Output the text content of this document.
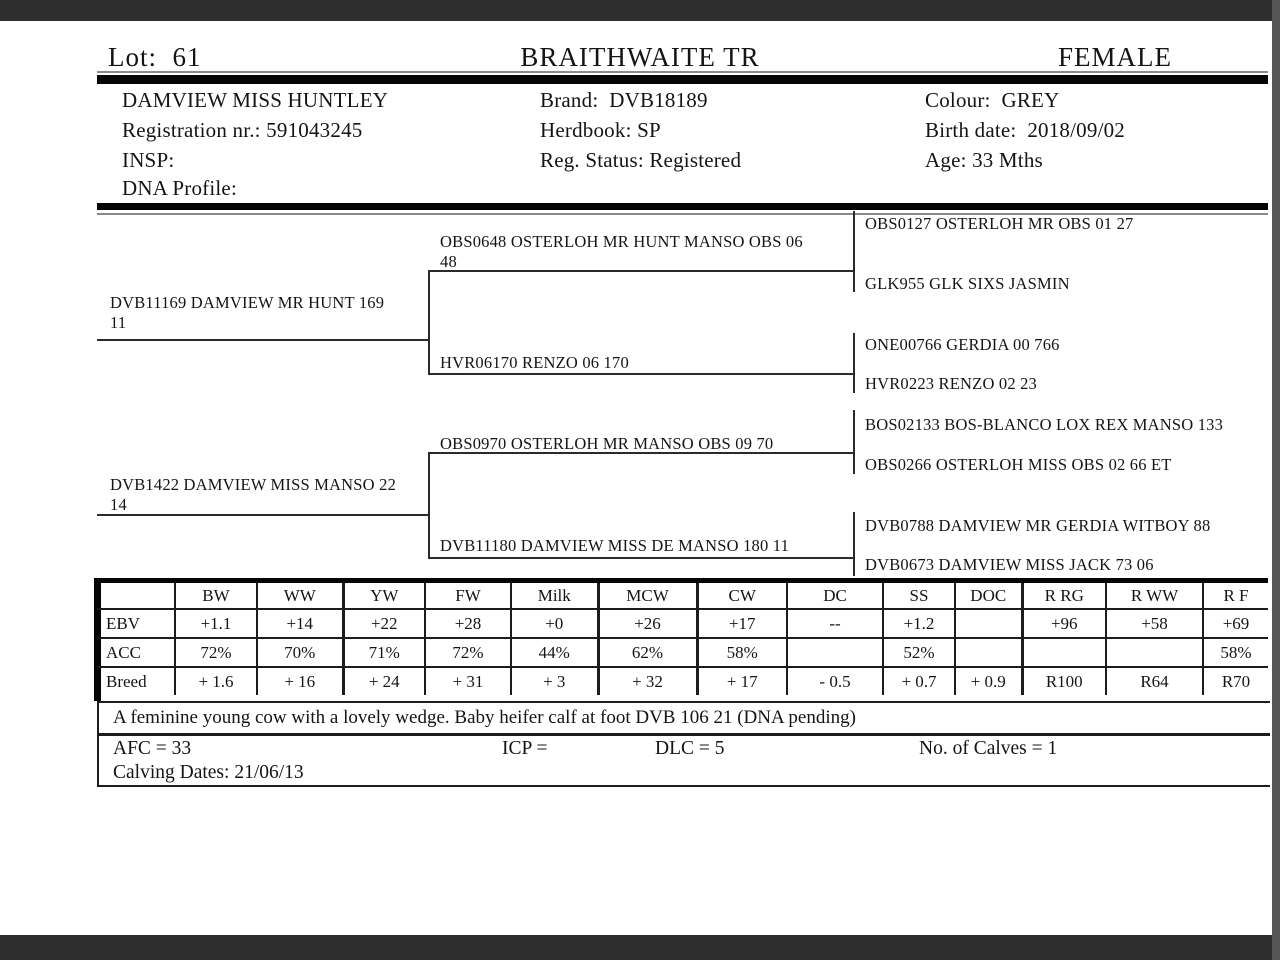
Lot:  61	BRAITHWAITE TR	FEMALE
DAMVIEW MISS HUNTLEY
Registration nr.: 591043245
INSP:
DNA Profile:
Brand:  DVB18189
Herdbook: SP
Reg. Status: Registered
Colour:  GREY
Birth date:  2018/09/02
Age: 33 Mths
DVB11169 DAMVIEW MR HUNT 169
11
DVB1422 DAMVIEW MISS MANSO 22
14
OBS0648 OSTERLOH MR HUNT MANSO OBS 06
48
HVR06170 RENZO 06 170
OBS0970 OSTERLOH MR MANSO OBS 09 70
DVB11180 DAMVIEW MISS DE MANSO 180 11
OBS0127 OSTERLOH MR OBS 01 27
GLK955 GLK SIXS JASMIN
ONE00766 GERDIA 00 766
HVR0223 RENZO 02 23
BOS02133 BOS-BLANCO LOX REX MANSO 133
OBS0266 OSTERLOH MISS OBS 02 66 ET
DVB0788 DAMVIEW MR GERDIA WITBOY 88
DVB0673 DAMVIEW MISS JACK 73 06
	BW	WW	YW	FW	Milk	MCW	CW	DC	SS	DOC	R RG	R WW	R F
EBV	+1.1	+14	+22	+28	+0	+26	+17	--	+1.2		+96	+58	+69
ACC	72%	70%	71%	72%	44%	62%	58%		52%				58%
Breed	+ 1.6	+ 16	+ 24	+ 31	+ 3	+ 32	+ 17	- 0.5	+ 0.7	+ 0.9	R100	R64	R70
A feminine young cow with a lovely wedge. Baby heifer calf at foot DVB 106 21 (DNA pending)
AFC = 33	ICP =	DLC = 5	No. of Calves = 1
Calving Dates: 21/06/13
